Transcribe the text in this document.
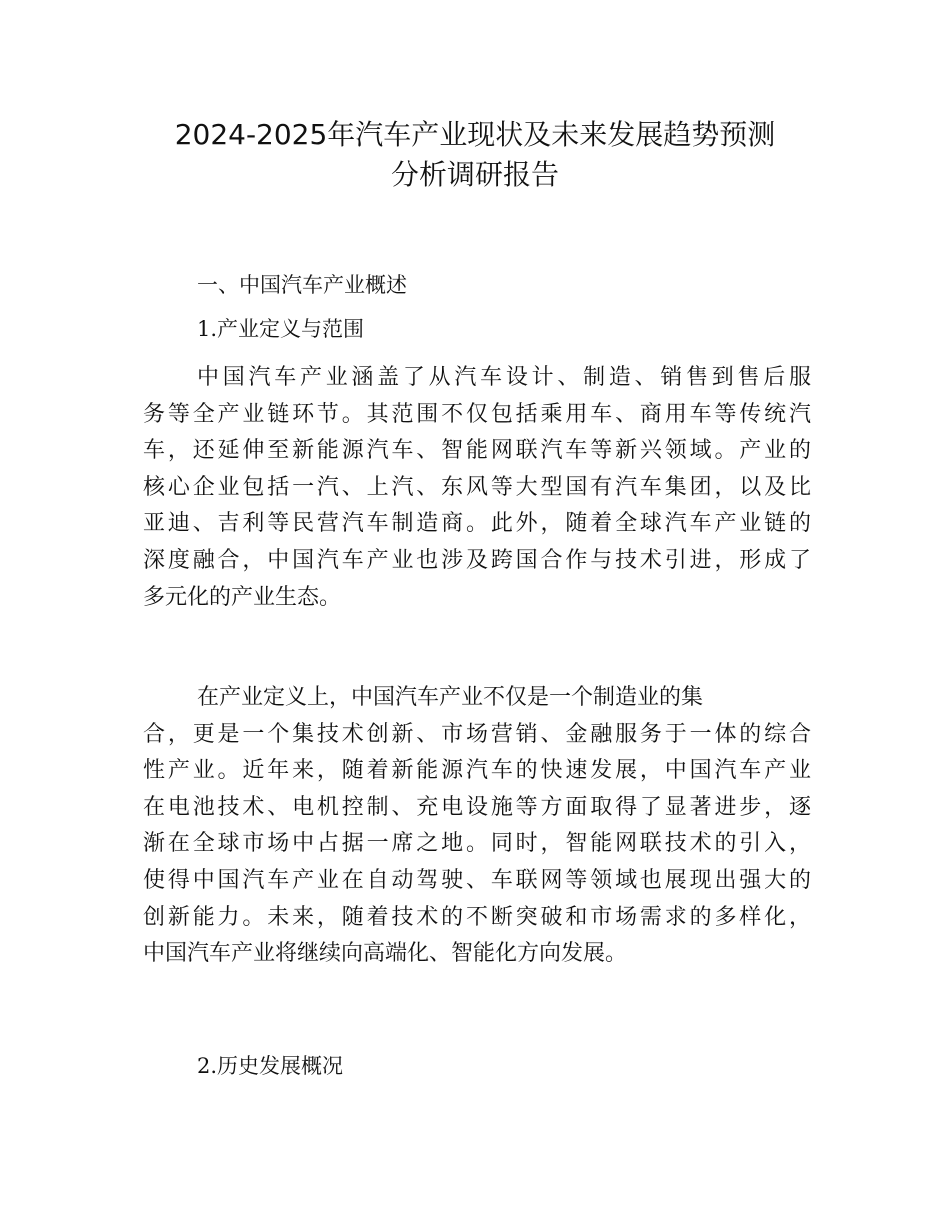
2024-2025年汽车产业现状及未来发展趋势预测
分析调研报告
一、中国汽车产业概述
1.产业定义与范围
中国汽车产业涵盖了从汽车设计、制造、销售到售后服
务等全产业链环节。其范围不仅包括乘用车、商用车等传统汽
车，还延伸至新能源汽车、智能网联汽车等新兴领域。产业的
核心企业包括一汽、上汽、东风等大型国有汽车集团，以及比
亚迪、吉利等民营汽车制造商。此外，随着全球汽车产业链的
深度融合，中国汽车产业也涉及跨国合作与技术引进，形成了
多元化的产业生态。
在产业定义上，中国汽车产业不仅是一个制造业的集
合，更是一个集技术创新、市场营销、金融服务于一体的综合
性产业。近年来，随着新能源汽车的快速发展，中国汽车产业
在电池技术、电机控制、充电设施等方面取得了显著进步，逐
渐在全球市场中占据一席之地。同时，智能网联技术的引入，
使得中国汽车产业在自动驾驶、车联网等领域也展现出强大的
创新能力。未来，随着技术的不断突破和市场需求的多样化，
中国汽车产业将继续向高端化、智能化方向发展。
2.历史发展概况
